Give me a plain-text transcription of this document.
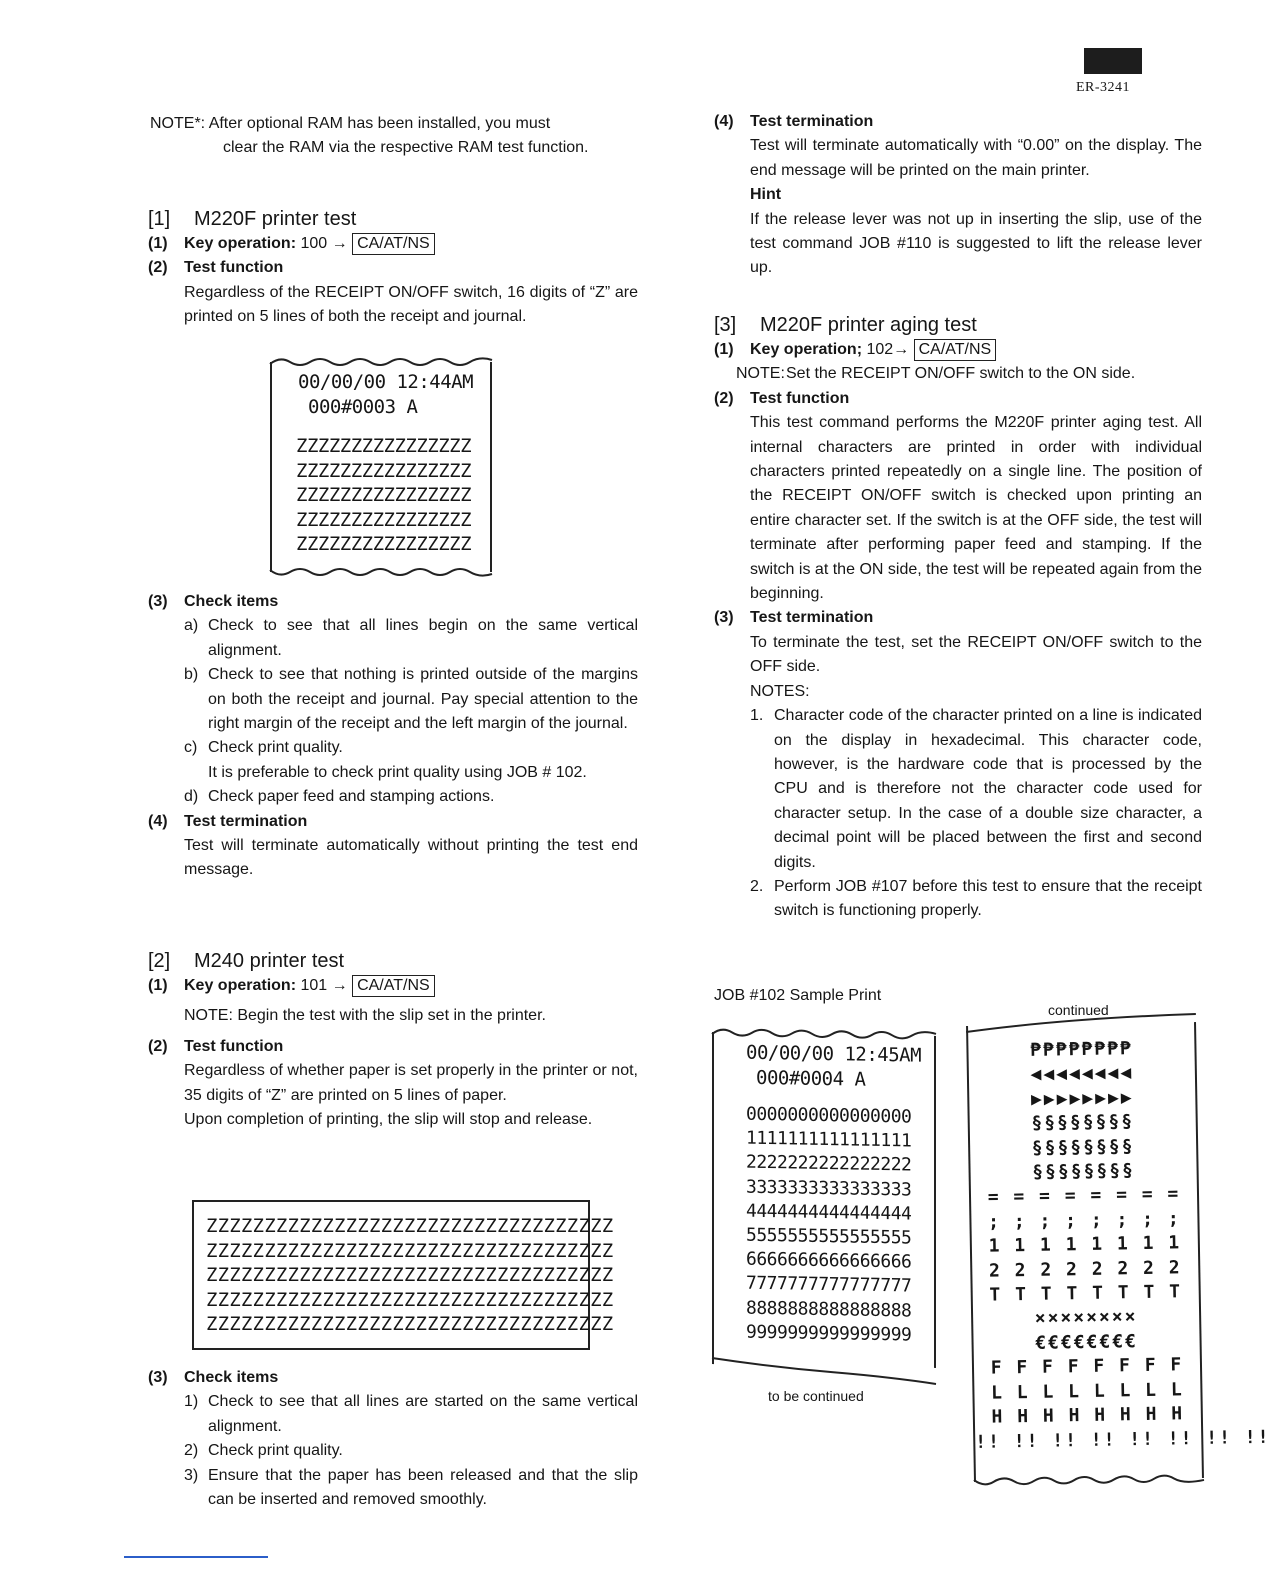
ER-3241

NOTE*: After optional RAM has been installed, you must

clear the RAM via the respective RAM test function.

[1] M220F printer test
(1) Key operation: 100 → CA/AT/NS
(2) Test function

Regardless of the RECEIPT ON/OFF switch, 16 digits of “Z” are printed on 5 lines of both the receipt and journal.

00/00/00 12:44AM
000#0003 A
ZZZZZZZZZZZZZZZZ
ZZZZZZZZZZZZZZZZ
ZZZZZZZZZZZZZZZZ
ZZZZZZZZZZZZZZZZ
ZZZZZZZZZZZZZZZZ
(3) Check items

a) Check to see that all lines begin on the same vertical alignment.
b) Check to see that nothing is printed outside of the margins on both the receipt and journal. Pay special attention to the right margin of the receipt and the left margin of the journal.
c) Check print quality.
It is preferable to check print quality using JOB # 102.
d) Check paper feed and stamping actions.
(4) Test termination

Test will terminate automatically without printing the test end message.

[2] M240 printer test
(1) Key operation: 101 → CA/AT/NS

NOTE: Begin the test with the slip set in the printer.

(2) Test function

Regardless of whether paper is set properly in the printer or not, 35 digits of “Z” are printed on 5 lines of paper.

Upon completion of printing, the slip will stop and release.

ZZZZZZZZZZZZZZZZZZZZZZZZZZZZZZZZZZZ
ZZZZZZZZZZZZZZZZZZZZZZZZZZZZZZZZZZZ
ZZZZZZZZZZZZZZZZZZZZZZZZZZZZZZZZZZZ
ZZZZZZZZZZZZZZZZZZZZZZZZZZZZZZZZZZZ
ZZZZZZZZZZZZZZZZZZZZZZZZZZZZZZZZZZZ
(3) Check items

1) Check to see that all lines are started on the same vertical alignment.
2) Check print quality.
3) Ensure that the paper has been released and that the slip can be inserted and removed smoothly.
(4) Test termination

Test will terminate automatically with “0.00” on the display. The end message will be printed on the main printer.

Hint

If the release lever was not up in inserting the slip, use of the test command JOB #110 is suggested to lift the release lever up.

[3] M220F printer aging test
(1) Key operation; 102→ CA/AT/NS
NOTE: Set the RECEIPT ON/OFF switch to the ON side.

(2) Test function

This test command performs the M220F printer aging test. All internal characters are printed in order with individual characters printed repeatedly on a single line. The position of the RECEIPT ON/OFF switch is checked upon printing an entire character set. If the switch is at the OFF side, the test will terminate after performing paper feed and stamping. If the switch is at the ON side, the test will be repeated again from the beginning.

(3) Test termination

To terminate the test, set the RECEIPT ON/OFF switch to the OFF side.

NOTES:

1. Character code of the character printed on a line is indicated on the display in hexadecimal. This character code, however, is the hardware code that is processed by the CPU and is therefore not the character code used for character setup. In the case of a double size character, a decimal point will be placed between the first and second digits.
2. Perform JOB #107 before this test to ensure that the receipt switch is functioning properly.
JOB #102 Sample Print
continued
00/00/00 12:45AM
000#0004 A
0000000000000000
1111111111111111
2222222222222222
3333333333333333
4444444444444444
5555555555555555
6666666666666666
7777777777777777
8888888888888888
9999999999999999
to be continued
₱₱₱₱₱₱₱₱
◀◀◀◀◀◀◀◀
▶▶▶▶▶▶▶▶
§§§§§§§§
§§§§§§§§
§§§§§§§§
= = = = = = = =
; ; ; ; ; ; ; ;
1 1 1 1 1 1 1 1
2 2 2 2 2 2 2 2
T T T T T T T T
××××××××
€€€€€€€€
F F F F F F F F
L L L L L L L L
H H H H H H H H
!! !! !! !! !! !! !! !!
